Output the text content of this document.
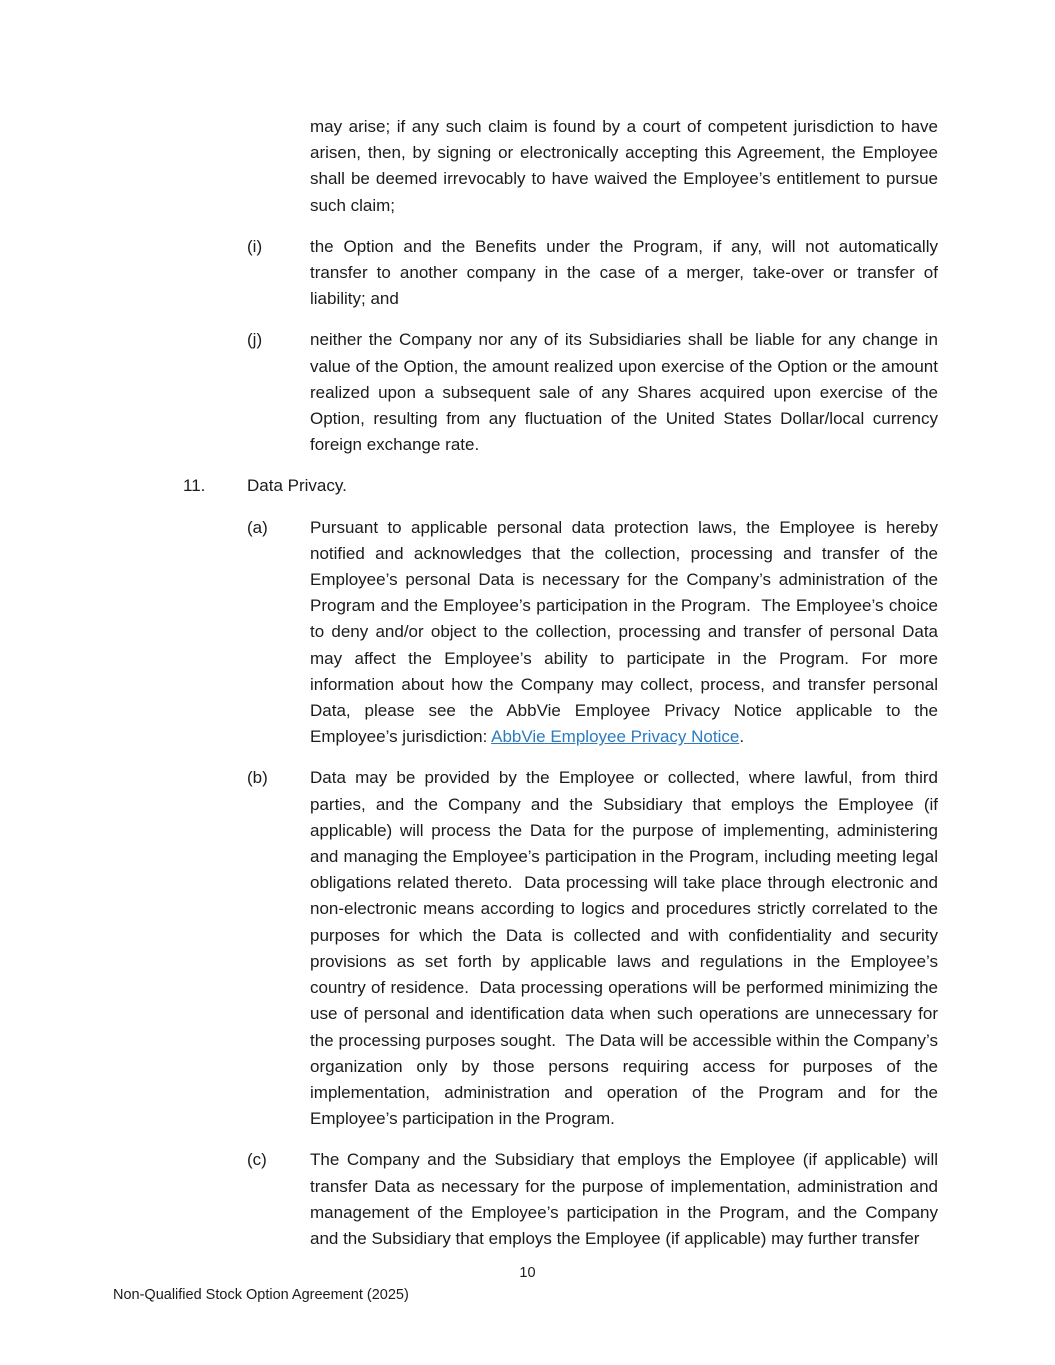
may arise; if any such claim is found by a court of competent jurisdiction to have arisen, then, by signing or electronically accepting this Agreement, the Employee shall be deemed irrevocably to have waived the Employee’s entitlement to pursue such claim;

(i)	the Option and the Benefits under the Program, if any, will not automatically transfer to another company in the case of a merger, take-over or transfer of liability; and

(j)	neither the Company nor any of its Subsidiaries shall be liable for any change in value of the Option, the amount realized upon exercise of the Option or the amount realized upon a subsequent sale of any Shares acquired upon exercise of the Option, resulting from any fluctuation of the United States Dollar/local currency foreign exchange rate.

11.	Data Privacy.
(a)	Pursuant to applicable personal data protection laws, the Employee is hereby notified and acknowledges that the collection, processing and transfer of the Employee’s personal Data is necessary for the Company’s administration of the Program and the Employee’s participation in the Program.  The Employee’s choice to deny and/or object to the collection, processing and transfer of personal Data may affect the Employee’s ability to participate in the Program. For more information about how the Company may collect, process, and transfer personal Data, please see the AbbVie Employee Privacy Notice applicable to the Employee’s jurisdiction: AbbVie Employee Privacy Notice.

(b)	Data may be provided by the Employee or collected, where lawful, from third parties, and the Company and the Subsidiary that employs the Employee (if applicable) will process the Data for the purpose of implementing, administering and managing the Employee’s participation in the Program, including meeting legal obligations related thereto.  Data processing will take place through electronic and non-electronic means according to logics and procedures strictly correlated to the purposes for which the Data is collected and with confidentiality and security provisions as set forth by applicable laws and regulations in the Employee’s country of residence.  Data processing operations will be performed minimizing the use of personal and identification data when such operations are unnecessary for the processing purposes sought.  The Data will be accessible within the Company’s organization only by those persons requiring access for purposes of the implementation, administration and operation of the Program and for the Employee’s participation in the Program.

(c)	The Company and the Subsidiary that employs the Employee (if applicable) will transfer Data as necessary for the purpose of implementation, administration and management of the Employee’s participation in the Program, and the Company and the Subsidiary that employs the Employee (if applicable) may further transfer

10
Non-Qualified Stock Option Agreement (2025)
